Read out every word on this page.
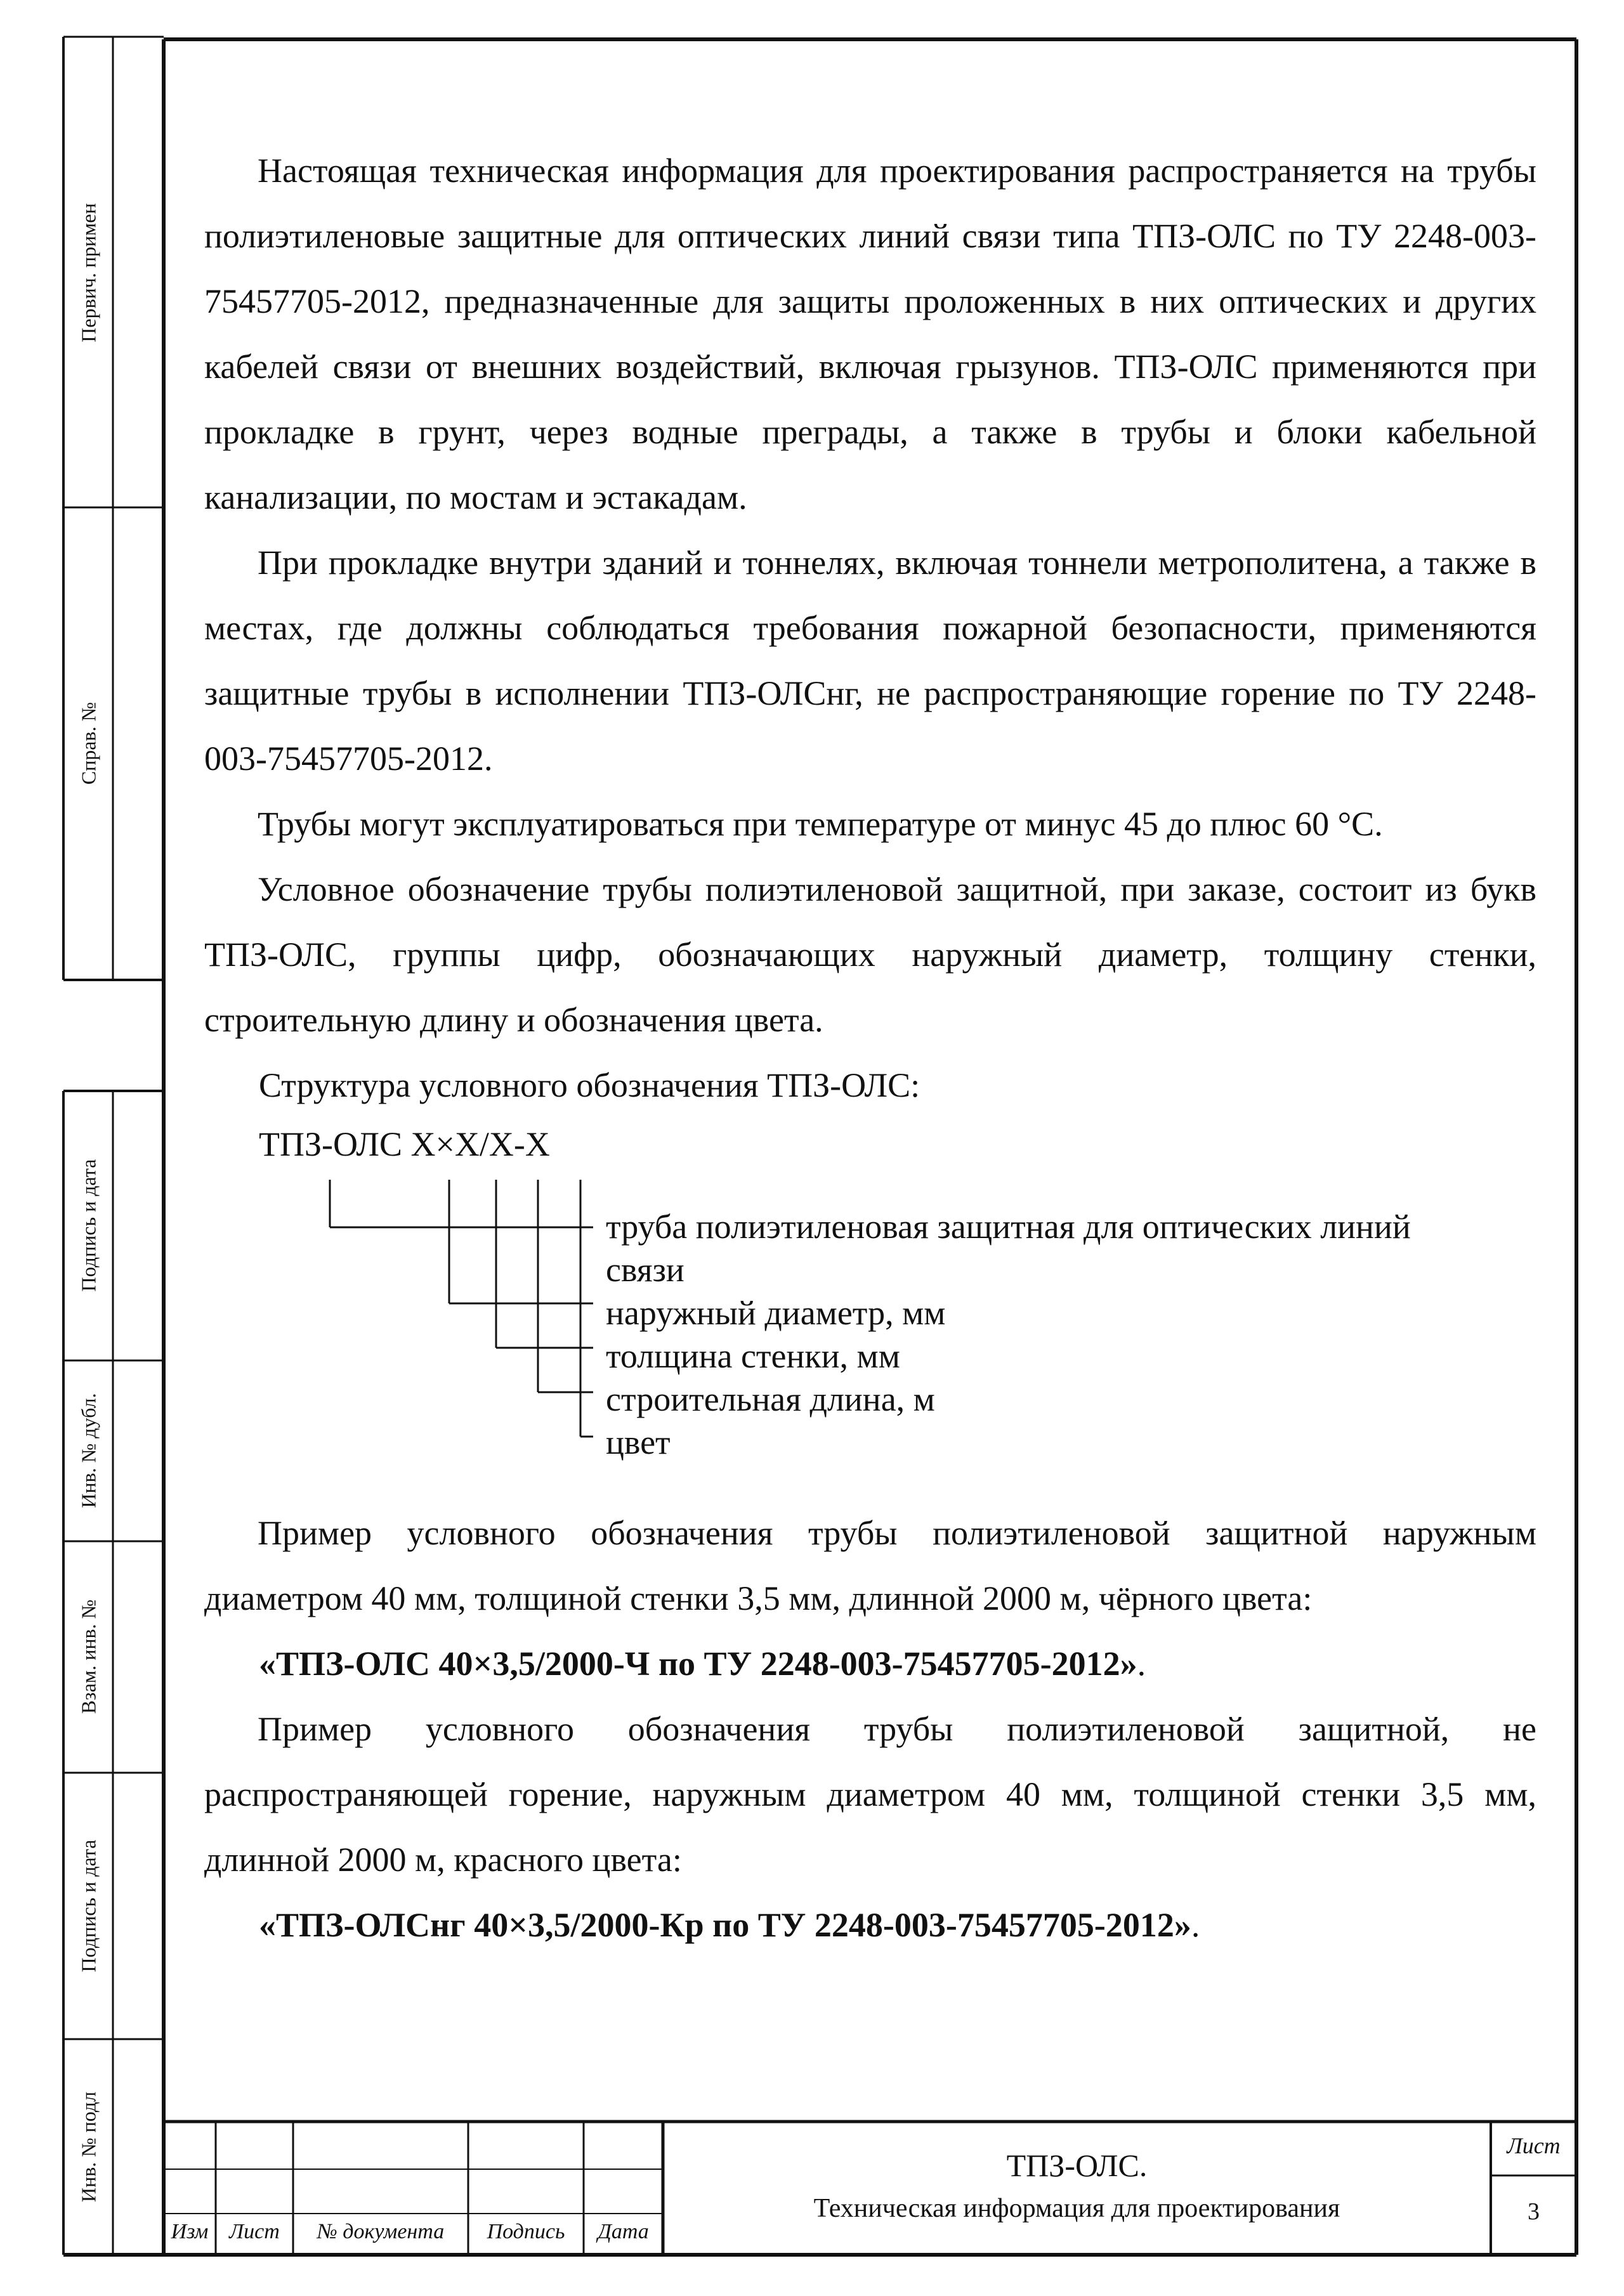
Первич. примен
Справ. №
Подпись и дата
Инв. № дубл.
Взам. инв. №
Подпись и дата
Инв. № подл

Настоящая техническая информация для проектирования распространяется на трубы полиэтиленовые защитные для оптических линий связи типа ТПЗ-ОЛС по ТУ 2248-003-75457705-2012, предназначенные для защиты проложенных в них оптических и других кабелей связи от внешних воздействий, включая грызунов. ТПЗ-ОЛС применяются при прокладке в грунт, через водные преграды, а также в трубы и блоки кабельной канализации, по мостам и эстакадам.

При прокладке внутри зданий и тоннелях, включая тоннели метрополитена, а также в местах, где должны соблюдаться требования пожарной безопасности, применяются защитные трубы в исполнении ТПЗ-ОЛСнг, не распространяющие горение по ТУ 2248-003-75457705-2012.

Трубы могут эксплуатироваться при температуре от минус 45 до плюс 60 °С.

Условное обозначение трубы полиэтиленовой защитной, при заказе, состоит из букв ТПЗ-ОЛС, группы цифр, обозначающих наружный диаметр, толщину стенки, строительную длину и обозначения цвета.

Структура условного обозначения ТПЗ-ОЛС:
ТПЗ-ОЛС X×X/X-X
труба полиэтиленовая защитная для оптических линий
связи
наружный диаметр, мм
толщина стенки, мм
строительная длина, м
цвет

Пример условного обозначения трубы полиэтиленовой защитной наружным диаметром 40 мм, толщиной стенки 3,5 мм, длинной 2000 м, чёрного цвета:

«ТПЗ-ОЛС 40×3,5/2000-Ч по ТУ 2248-003-75457705-2012».

Пример условного обозначения трубы полиэтиленовой защитной, не распространяющей горение, наружным диаметром 40 мм, толщиной стенки 3,5 мм, длинной 2000 м, красного цвета:

«ТПЗ-ОЛСнг 40×3,5/2000-Кр по ТУ 2248-003-75457705-2012».
Изм Лист	№ документа	Подпись	Дата
ТПЗ-ОЛС.
Техническая информация для проектирования
Лист
3
